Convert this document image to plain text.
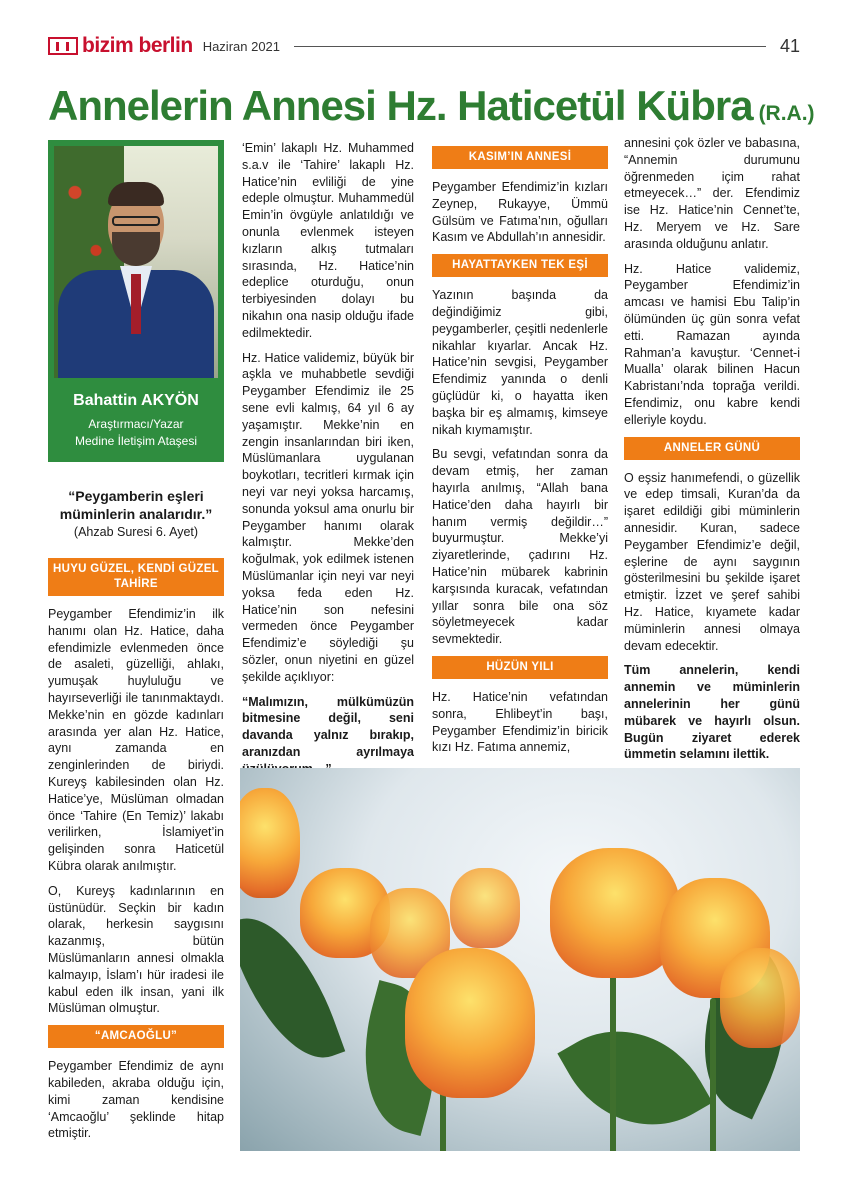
bizim berlin Haziran 2021	41
Annelerin Annesi Hz. Haticetül Kübra (R.A.)
Bahattin AKYÖN
Araştırmacı/Yazar
Medine İletişim Ataşesi
“Peygamberin eşleri müminlerin analarıdır.”
(Ahzab Suresi 6. Ayet)
HUYU GÜZEL, KENDİ GÜZEL TAHİRE

Peygamber Efendimiz’in ilk hanımı olan Hz. Hatice, daha efendimizle evlenmeden önce de asaleti, güzelliği, ahlakı, yumuşak huyluluğu ve hayırseverliği ile tanınmaktaydı. Mekke’nin en gözde kadınları arasında yer alan Hz. Hatice, aynı zamanda en zenginlerinden de biriydi. Kureyş kabilesinden olan Hz. Hatice’ye, Müslüman olmadan önce ‘Tahire (En Temiz)’ lakabı verilirken, İslamiyet’in gelişinden sonra Haticetül Kübra olarak anılmıştır.

O, Kureyş kadınlarının en üstünüdür. Seçkin bir kadın olarak, herkesin saygısını kazanmış, bütün Müslümanların annesi olmakla kalmayıp, İslam’ı hür iradesi ile kabul eden ilk insan, yani ilk Müslüman olmuştur.

“AMCAOĞLU”

Peygamber Efendimiz de aynı kabileden, akraba olduğu için, kimi zaman kendisine ‘Amcaoğlu’ şeklinde hitap etmiştir.

‘Emin’ lakaplı Hz. Muhammed s.a.v ile ‘Tahire’ lakaplı Hz. Hatice’nin evliliği de yine edeple olmuştur. Muhammedül Emin’in övgüyle anlatıldığı ve onunla evlenmek isteyen kızların alkış tutmaları sırasında, Hz. Hatice’nin edeplice oturduğu, onun terbiyesinden dolayı bu nikahın ona nasip olduğu ifade edilmektedir.

Hz. Hatice validemiz, büyük bir aşkla ve muhabbetle sevdiği Peygamber Efendimiz ile 25 sene evli kalmış, 64 yıl 6 ay yaşamıştır. Mekke’nin en zengin insanlarından biri iken, Müslümanlara uygulanan boykotları, tecritleri kırmak için neyi var neyi yoksa harcamış, sonunda yoksul ama onurlu bir Peygamber hanımı olarak kalmıştır. Mekke’den koğulmak, yok edilmek istenen Müslümanlar için neyi var neyi yoksa feda eden Hz. Hatice’nin son nefesini vermeden önce Peygamber Efendimiz’e söylediği şu sözler, onun niyetini en güzel şekilde açıklıyor:

“Malımızın, mülkümüzün bitmesine değil, seni davanda yalnız bırakıp, aranızdan ayrılmaya

KASIM’IN ANNESİ

Peygamber Efendimiz’in kızları Zeynep, Rukayye, Ümmü Gülsüm ve Fatıma’nın, oğulları Kasım ve Abdullah’ın annesidir.

HAYATTAYKEN TEK EŞİ

Yazının başında da değindiğimiz gibi, peygamberler, çeşitli nedenlerle nikahlar kıyarlar. Ancak Hz. Hatice’nin sevgisi, Peygamber Efendimiz yanında o denli güçlüdür ki, o hayatta iken başka bir eş almamış, kimseye nikah kıymamıştır.

Bu sevgi, vefatından sonra da devam etmiş, her zaman hayırla anılmış, “Allah bana Hatice’den daha hayırlı bir hanım vermiş değildir…” buyurmuştur. Mekke’yi ziyaretlerinde, çadırını Hz. Hatice’nin mübarek kabrinin karşısında kuracak, vefatından yıllar sonra bile ona söz söyletmeyecek kadar sevmektedir.

HÜZÜN YILI

Hz. Hatice’nin vefatından sonra, Ehlibeyt’in başı, Peygamber Efendimiz’in biricik kızı Hz. Fatıma annemiz,

annesini çok özler ve babasına, “Annemin durumunu öğrenmeden içim rahat etmeyecek…” der. Efendimiz ise Hz. Hatice’nin Cennet’te, Hz. Meryem ve Hz. Sare arasında olduğunu anlatır.

Hz. Hatice validemiz, Peygamber Efendimiz’in amcası ve hamisi Ebu Talip’in ölümünden üç gün sonra vefat etti. Ramazan ayında Rahman’a kavuştur. ‘Cennet-i Mualla’ olarak bilinen Hacun Kabristanı’nda toprağa verildi. Efendimiz, onu kabre kendi elleriyle koydu.

ANNELER GÜNÜ

O eşsiz hanımefendi, o güzellik ve edep timsali, Kuran’da da işaret edildiği gibi müminlerin annesidir. Kuran, sadece Peygamber Efendimiz’e değil, eşlerine de aynı saygının gösterilmesini bu şekilde işaret etmiştir. İzzet ve şeref sahibi Hz. Hatice, kıyamete kadar müminlerin annesi olmaya devam edecektir.

Tüm annelerin, kendi annemin ve müminlerin annelerinin her günü mübarek ve hayırlı olsun. Bugün ziyaret ederek ümmetin selamını ilettik.
